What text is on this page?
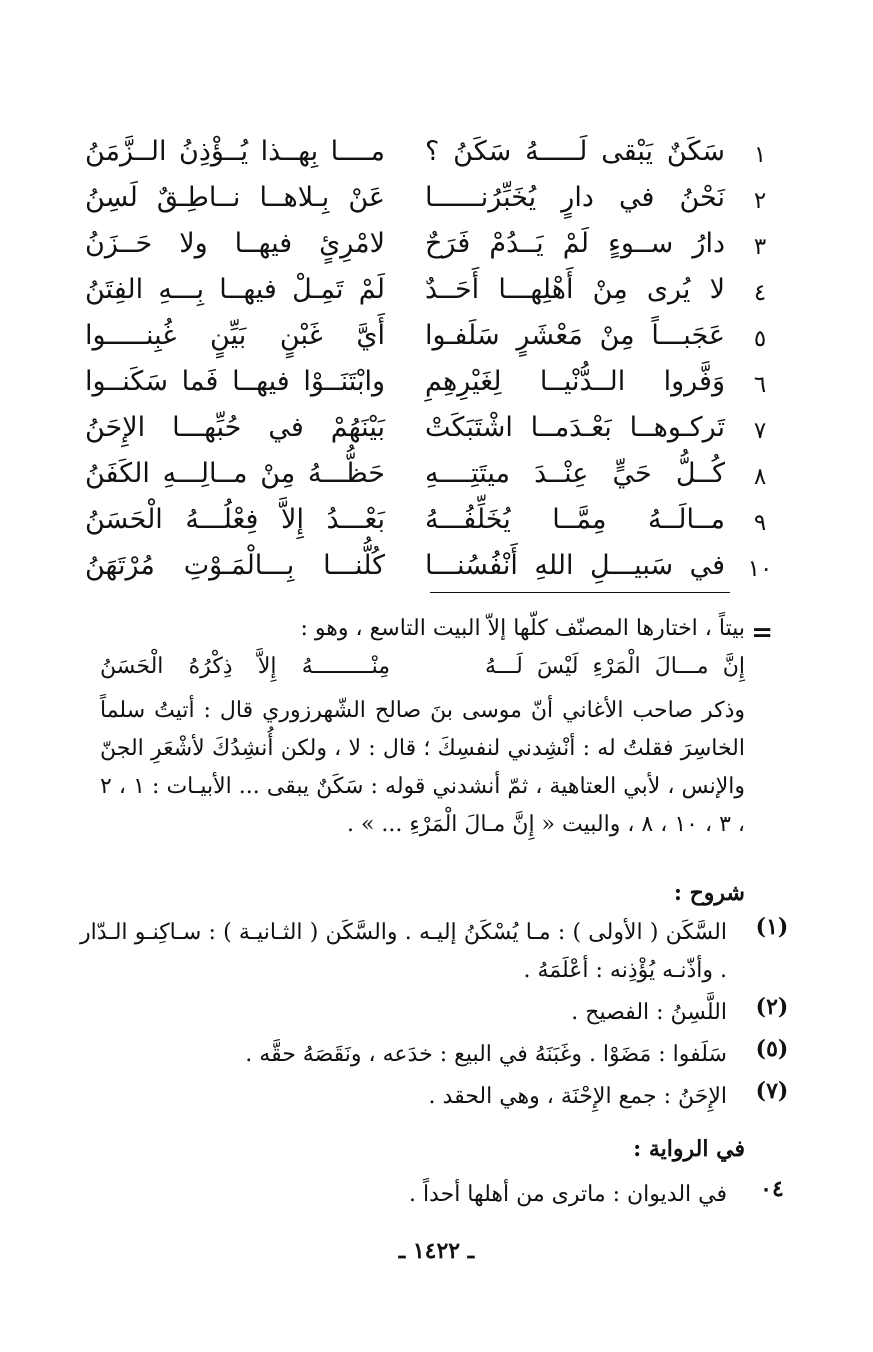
١
سَكَنٌ يَبْقى لَـــــهُ سَكَنُ ؟
مــــا بِهــذا يُــؤْذِنُ الــزَّمَنُ
٢
نَحْنُ في دارٍ يُخَبِّرُنــــــا
عَنْ بِـلاهــا نــاطِـقٌ لَسِنُ
٣
دارُ ســوءٍ لَمْ يَــدُمْ فَرَحٌ
لامْرِئٍ فيهــا ولا حَــزَنُ
٤
لا يُرى مِنْ أَهْلِهـــا أَحَــدٌ
لَمْ تَمِـلْ فيهــا بِـــهِ الفِتَنُ
٥
عَجَبـــاً مِنْ مَعْشَرٍ سَلَفـوا
أَيَّ غَبْنٍ بَيِّنٍ غُبِنـــــوا
٦
وَفَّروا الــدُّنْيــا لِغَيْرِهِمِ
وابْتَنَــوْا فيهــا فَما سَكَنــوا
٧
تَركـوهــا بَعْـدَمــا اشْتَبَكَتْ
بَيْنَهُمْ في حُبِّهـــا الإِحَنُ
٨
كُــلُّ حَيٍّ عِنْــدَ ميتَتِــــهِ
حَظُّـــهُ مِنْ مــالِـــهِ الكَفَنُ
٩
مــالَــهُ مِمَّــا يُخَلِّفُـــهُ
بَعْـــدُ إِلاَّ فِعْلُـــهُ الْحَسَنُ
١٠
في سَبيـــلِ اللهِ أَنْفُسُنـــا
كُلُّنـــا بِـــالْمَـوْتِ مُرْتَهَنُ
=
بيتاً ، اختارها المصنّف كلّها إلاّ البيت التاسع ، وهو :
إِنَّ مـــالَ الْمَرْءِ لَيْسَ لَـــهُ
مِنْـــــــــهُ إِلاَّ ذِكْرُهُ الْحَسَنُ
وذكر صاحب الأغاني أنّ موسى بنَ صالح الشّهرزوري قال : أتيتُ سلماً الخاسِرَ فقلتُ له : أنْشِدني لنفسِكَ ؛ قال : لا ، ولكن أُنشِدُكَ لأشْعَرِ الجنّ والإنس ، لأبي العتاهية ، ثمّ أنشدني قوله : سَكَنٌ يبقى ... الأبيـات : ١ ، ٢ ، ٣ ، ١٠ ، ٨ ، والبيت « إِنَّ مـالَ الْمَرْءِ ... » .
شروح :
(١)
السَّكَن ( الأولى ) : مـا يُسْكَنُ إليـه . والسَّكَن ( الثـانيـة ) : سـاكِنـو الـدّار . وأذّنـه يُؤْذِنه : أعْلَمَهُ .
(٢)
اللَّسِنُ : الفصيح .
(٥)
سَلَفوا : مَضَوْا . وغَبَنَهُ في البيع : خدَعه ، ونَقَصَهُ حقَّه .
(٧)
الإِحَنُ : جمع الإِحْنَة ، وهي الحقد .
في الرواية :
٠٤
في الديوان : ماترى من أهلها أحداً .
ـ ١٤٢٢ ـ
